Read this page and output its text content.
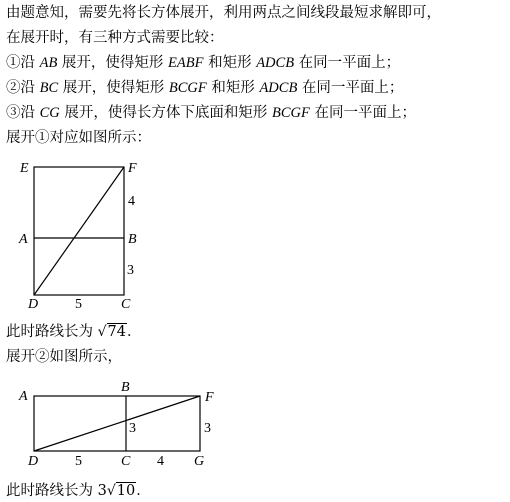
由题意知，需要先将长方体展开，利用两点之间线段最短求解即可，
在展开时，有三种方式需要比较：
①沿 AB 展开，使得矩形 EABF 和矩形 ADCB 在同一平面上；
②沿 BC 展开，使得矩形 BCGF 和矩形 ADCB 在同一平面上；
③沿 CG 展开，使得长方体下底面和矩形 BCGF 在同一平面上；
展开①对应如图所示：
E	F
A	B
D	C
4
3
5
A
B
F
D	C	G
3	3
5	4
此时路线长为 √74．
展开②如图所示，
此时路线长为 3√10．
